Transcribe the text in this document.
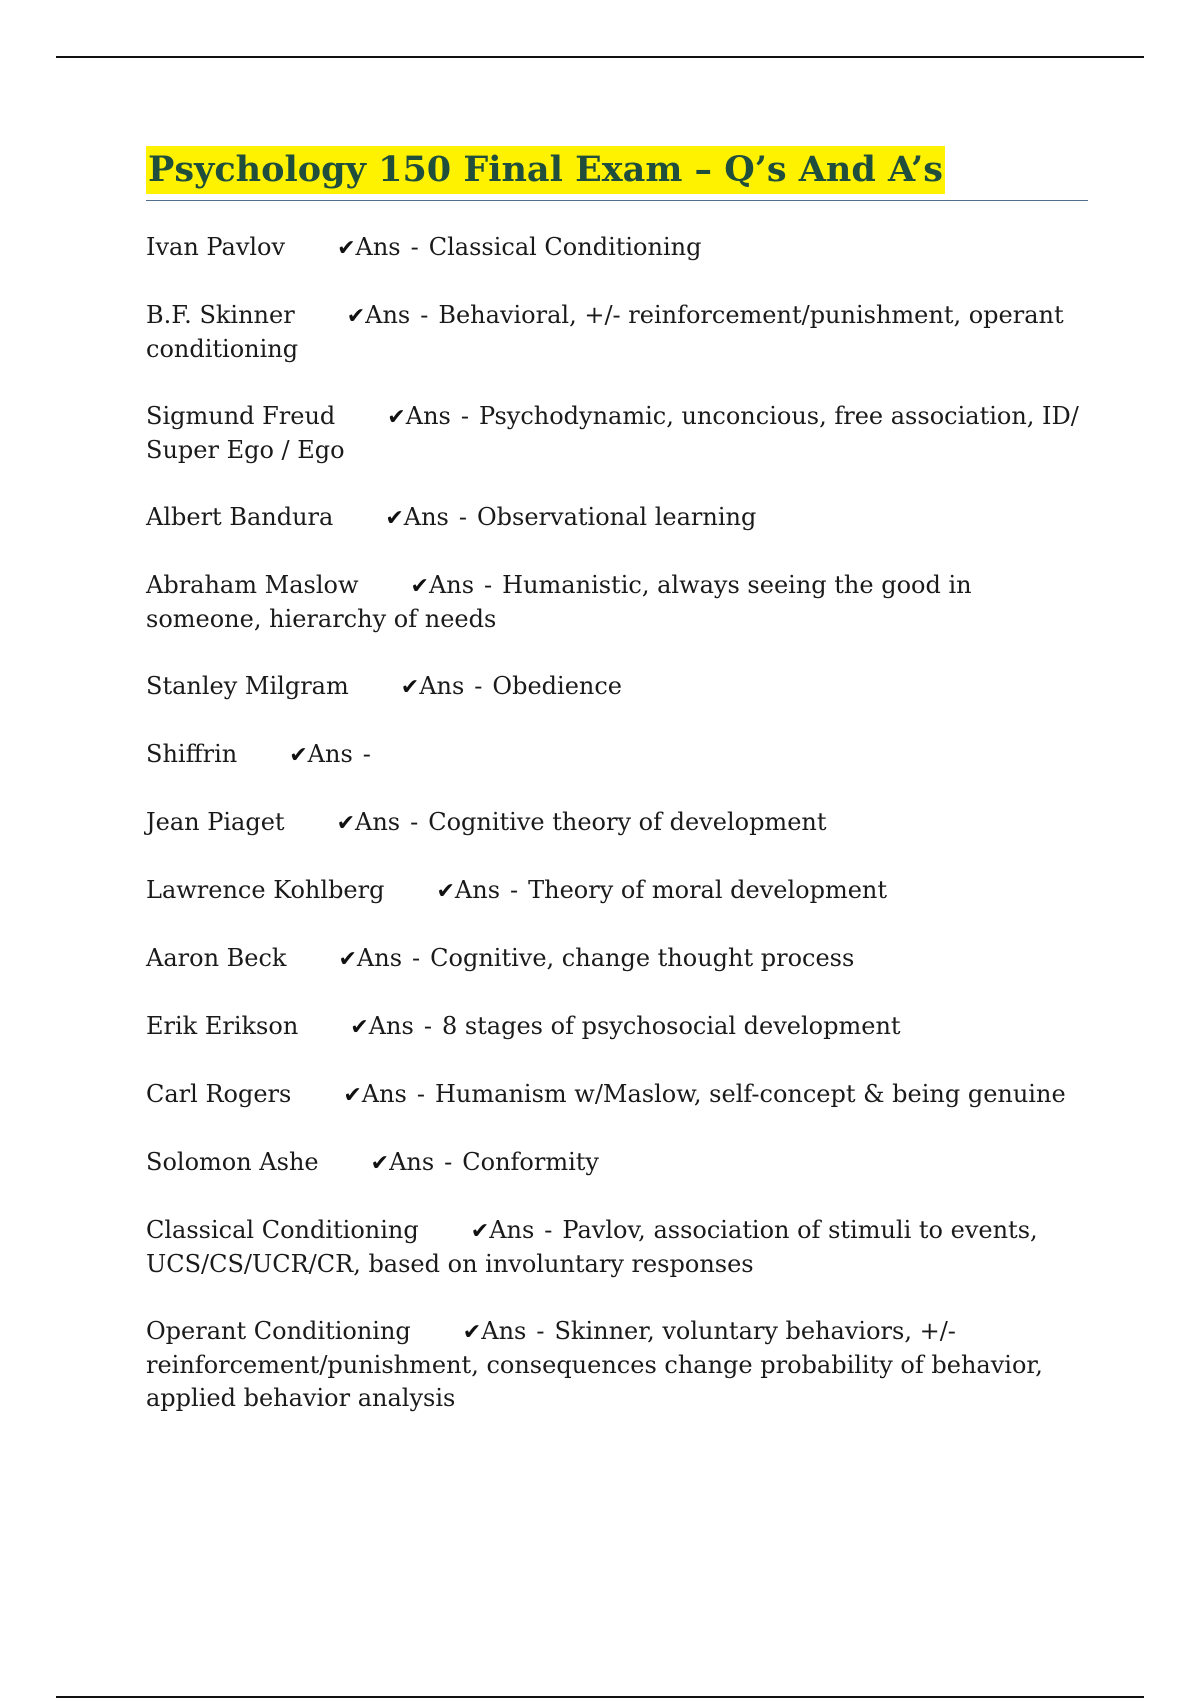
Psychology 150 Final Exam – Q’s And A’s
Ivan Pavlov ✔Ans - Classical Conditioning
B.F. Skinner ✔Ans - Behavioral, +/- reinforcement/punishment, operant conditioning
Sigmund Freud ✔Ans - Psychodynamic, unconcious, free association, ID/ Super Ego / Ego
Albert Bandura ✔Ans - Observational learning
Abraham Maslow ✔Ans - Humanistic, always seeing the good in someone, hierarchy of needs
Stanley Milgram ✔Ans - Obedience
Shiffrin ✔Ans -
Jean Piaget ✔Ans - Cognitive theory of development
Lawrence Kohlberg ✔Ans - Theory of moral development
Aaron Beck ✔Ans - Cognitive, change thought process
Erik Erikson ✔Ans - 8 stages of psychosocial development
Carl Rogers ✔Ans - Humanism w/Maslow, self-concept & being genuine
Solomon Ashe ✔Ans - Conformity
Classical Conditioning ✔Ans - Pavlov, association of stimuli to events, UCS/CS/UCR/CR, based on involuntary responses
Operant Conditioning ✔Ans - Skinner, voluntary behaviors, +/- reinforcement/punishment, consequences change probability of behavior, applied behavior analysis
